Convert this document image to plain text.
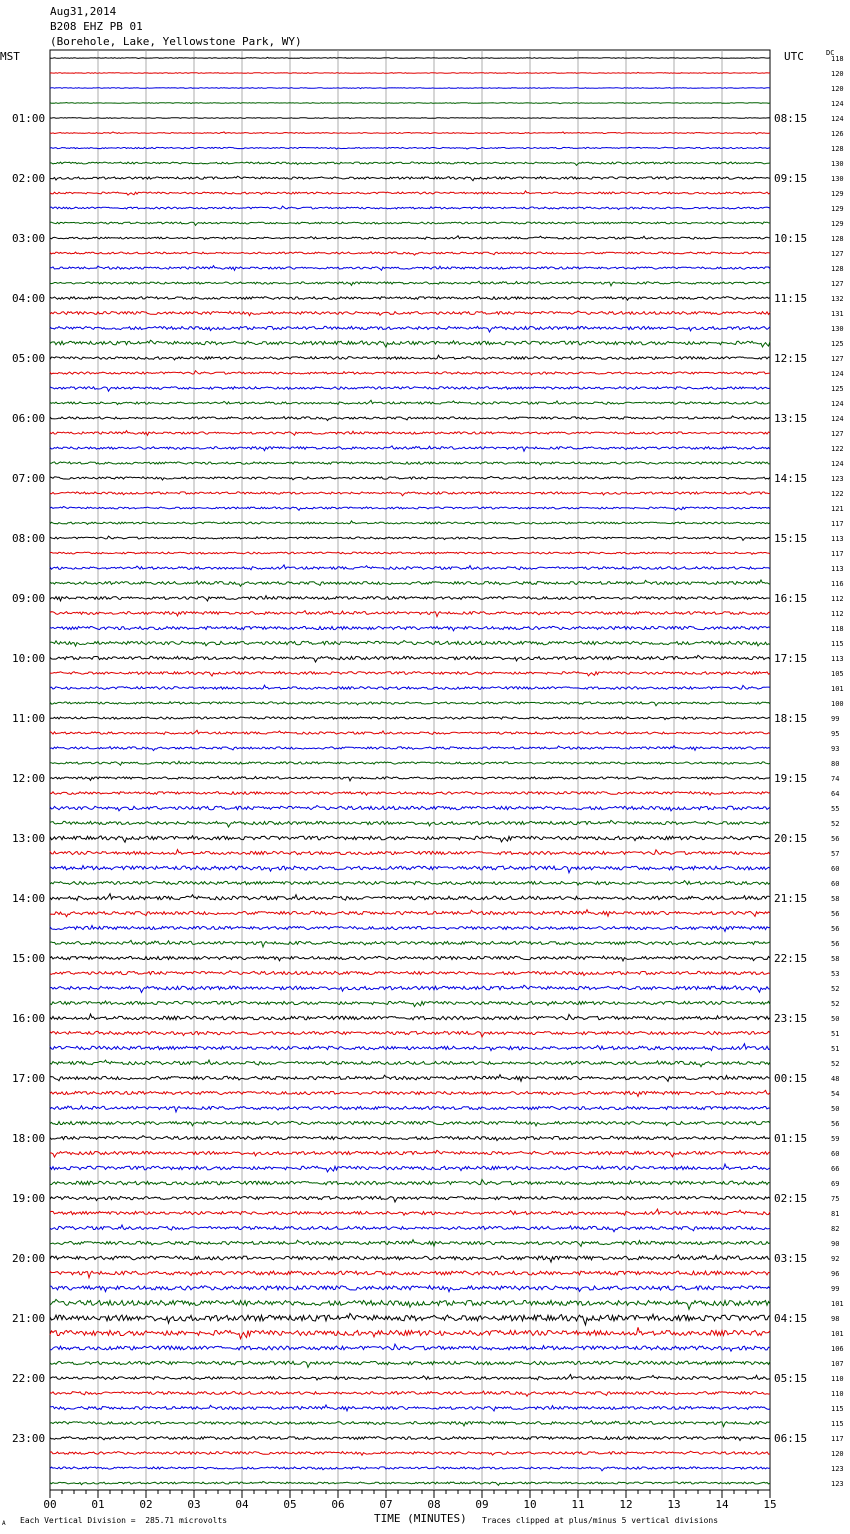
Aug31,2014
B208 EHZ PB 01
(Borehole, Lake, Yellowstone Park, WY)
MST	UTC	DC
118
120
120
124
124
126
128
130
130
129
129
129
128
127
128
127
132
131
130
125
127
124
125
124
124
127
122
124
123
122
121
117
113
117
113
116
112
112
118
115
113
105
101
100
99
95
93
80
74
64
55
52
56
57
60
60
58
56
56
56
58
53
52
52
50
51
51
52
48
54
50
56
59
60
66
69
75
81
82
90
92
96
99
101
98
101
106
107
110
110
115
115
117
120
123
123
01:00
02:00
03:00
04:00
05:00
06:00
07:00
08:00
09:00
10:00
11:00
12:00
13:00
14:00
15:00
16:00
17:00
18:00
19:00
20:00
21:00
22:00
23:00
08:15
09:15
10:15
11:15
12:15
13:15
14:15
15:15
16:15
17:15
18:15
19:15
20:15
21:15
22:15
23:15
00:15
01:15
02:15
03:15
04:15
05:15
06:15
00	01	02	03	04	05	06	07	08	09	10	11	12	13	14	15
A Each Vertical Division =  285.71 microvolts	TIME (MINUTES) Traces clipped at plus/minus 5 vertical divisions
